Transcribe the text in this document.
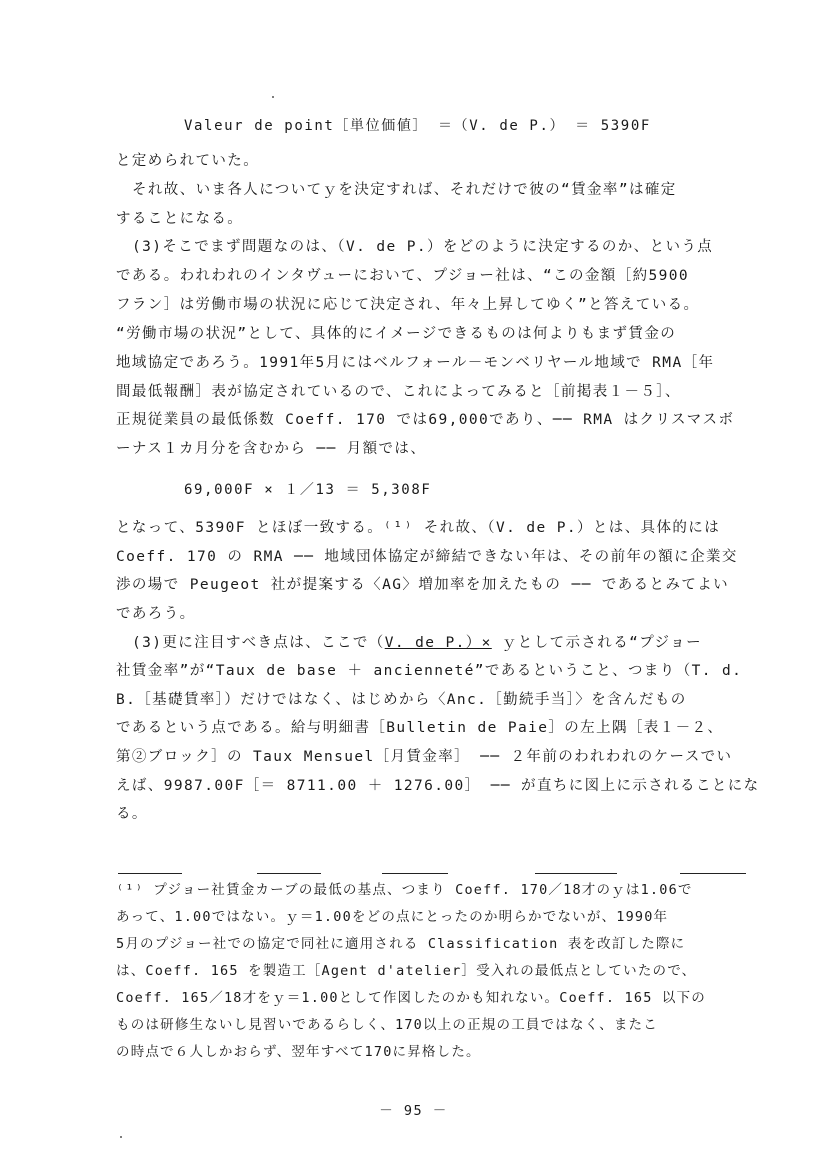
Valeur de point［単位価値］ ＝（V. de P.） ＝ 5390F
と定められていた。
それ故、いま各人についてｙを決定すれば、それだけで彼の“賃金率”は確定
することになる。
(3)そこでまず問題なのは、（V. de P.）をどのように決定するのか、という点
である。われわれのインタヴューにおいて、プジョー社は、“この金額［約5900
フラン］は労働市場の状況に応じて決定され、年々上昇してゆく”と答えている。
“労働市場の状況”として、具体的にイメージできるものは何よりもまず賃金の
地域協定であろう。1991年5月にはベルフォール－モンベリヤール地域で RMA［年
間最低報酬］表が協定されているので、これによってみると［前掲表１－５］、
正規従業員の最低係数 Coeff. 170 では69,000であり、── RMA はクリスマスボ
ーナス１カ月分を含むから ── 月額では、
69,000F × １／13 ＝ 5,308F
となって、5390F とほぼ一致する。⁽¹⁾ それ故、（V. de P.）とは、具体的には
Coeff. 170 の RMA ── 地域団体協定が締結できない年は、その前年の額に企業交
渉の場で Peugeot 社が提案する〈AG〉増加率を加えたもの ── であるとみてよい
であろう。
(3)更に注目すべき点は、ここで（V. de P.）× ｙとして示される“プジョー
社賃金率”が“Taux de base ＋ ancienneté”であるということ、つまり（T. d.
B.［基礎賃率］）だけではなく、はじめから〈Anc.［勤続手当］〉を含んだもの
であるという点である。給与明細書［Bulletin de Paie］の左上隅［表１－２、
第②ブロック］の Taux Mensuel［月賃金率］ ── ２年前のわれわれのケースでい
えば、9987.00F［＝ 8711.00 ＋ 1276.00］ ── が直ちに図上に示されることにな
る。
⁽¹⁾ プジョー社賃金カーブの最低の基点、つまり Coeff. 170／18才のｙは1.06で
あって、1.00ではない。ｙ＝1.00をどの点にとったのか明らかでないが、1990年
5月のプジョー社での協定で同社に適用される Classification 表を改訂した際に
は、Coeff. 165 を製造工［Agent d'atelier］受入れの最低点としていたので、
Coeff. 165／18才をｙ＝1.00として作図したのかも知れない。Coeff. 165 以下の
ものは研修生ないし見習いであるらしく、170以上の正規の工員ではなく、またこ
の時点で６人しかおらず、翌年すべて170に昇格した。
－ 95 －
